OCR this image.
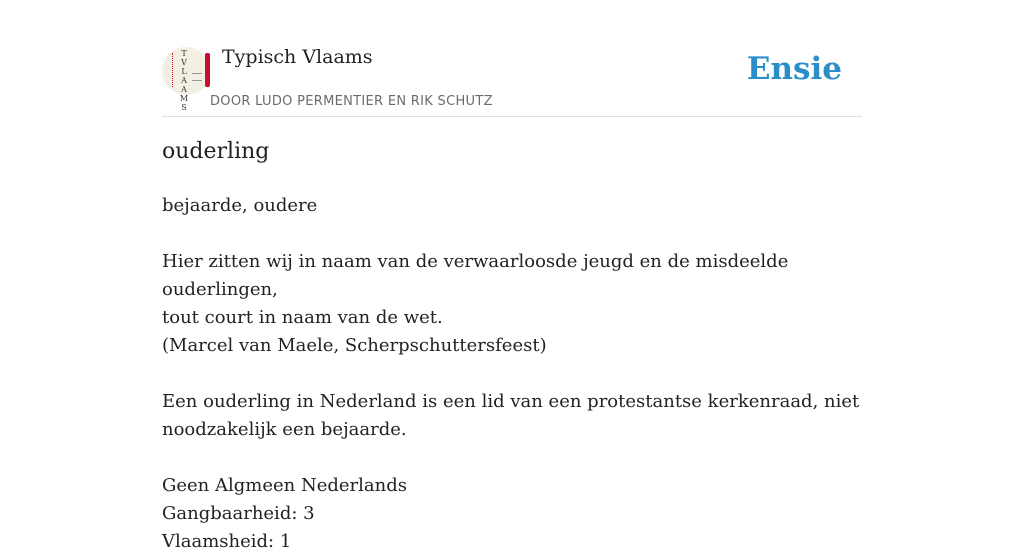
T
V
L
A
A
M
S
Typisch Vlaams
DOOR LUDO PERMENTIER EN RIK SCHUTZ
Ensie
ouderling
bejaarde, oudere
Hier zitten wij in naam van de verwaarloosde jeugd en de misdeelde ouderlingen,
tout court in naam van de wet.
(Marcel van Maele, Scherpschuttersfeest)
Een ouderling in Nederland is een lid van een protestantse kerkenraad, niet
noodzakelijk een bejaarde.
Geen Algmeen Nederlands
Gangbaarheid: 3
Vlaamsheid: 1
